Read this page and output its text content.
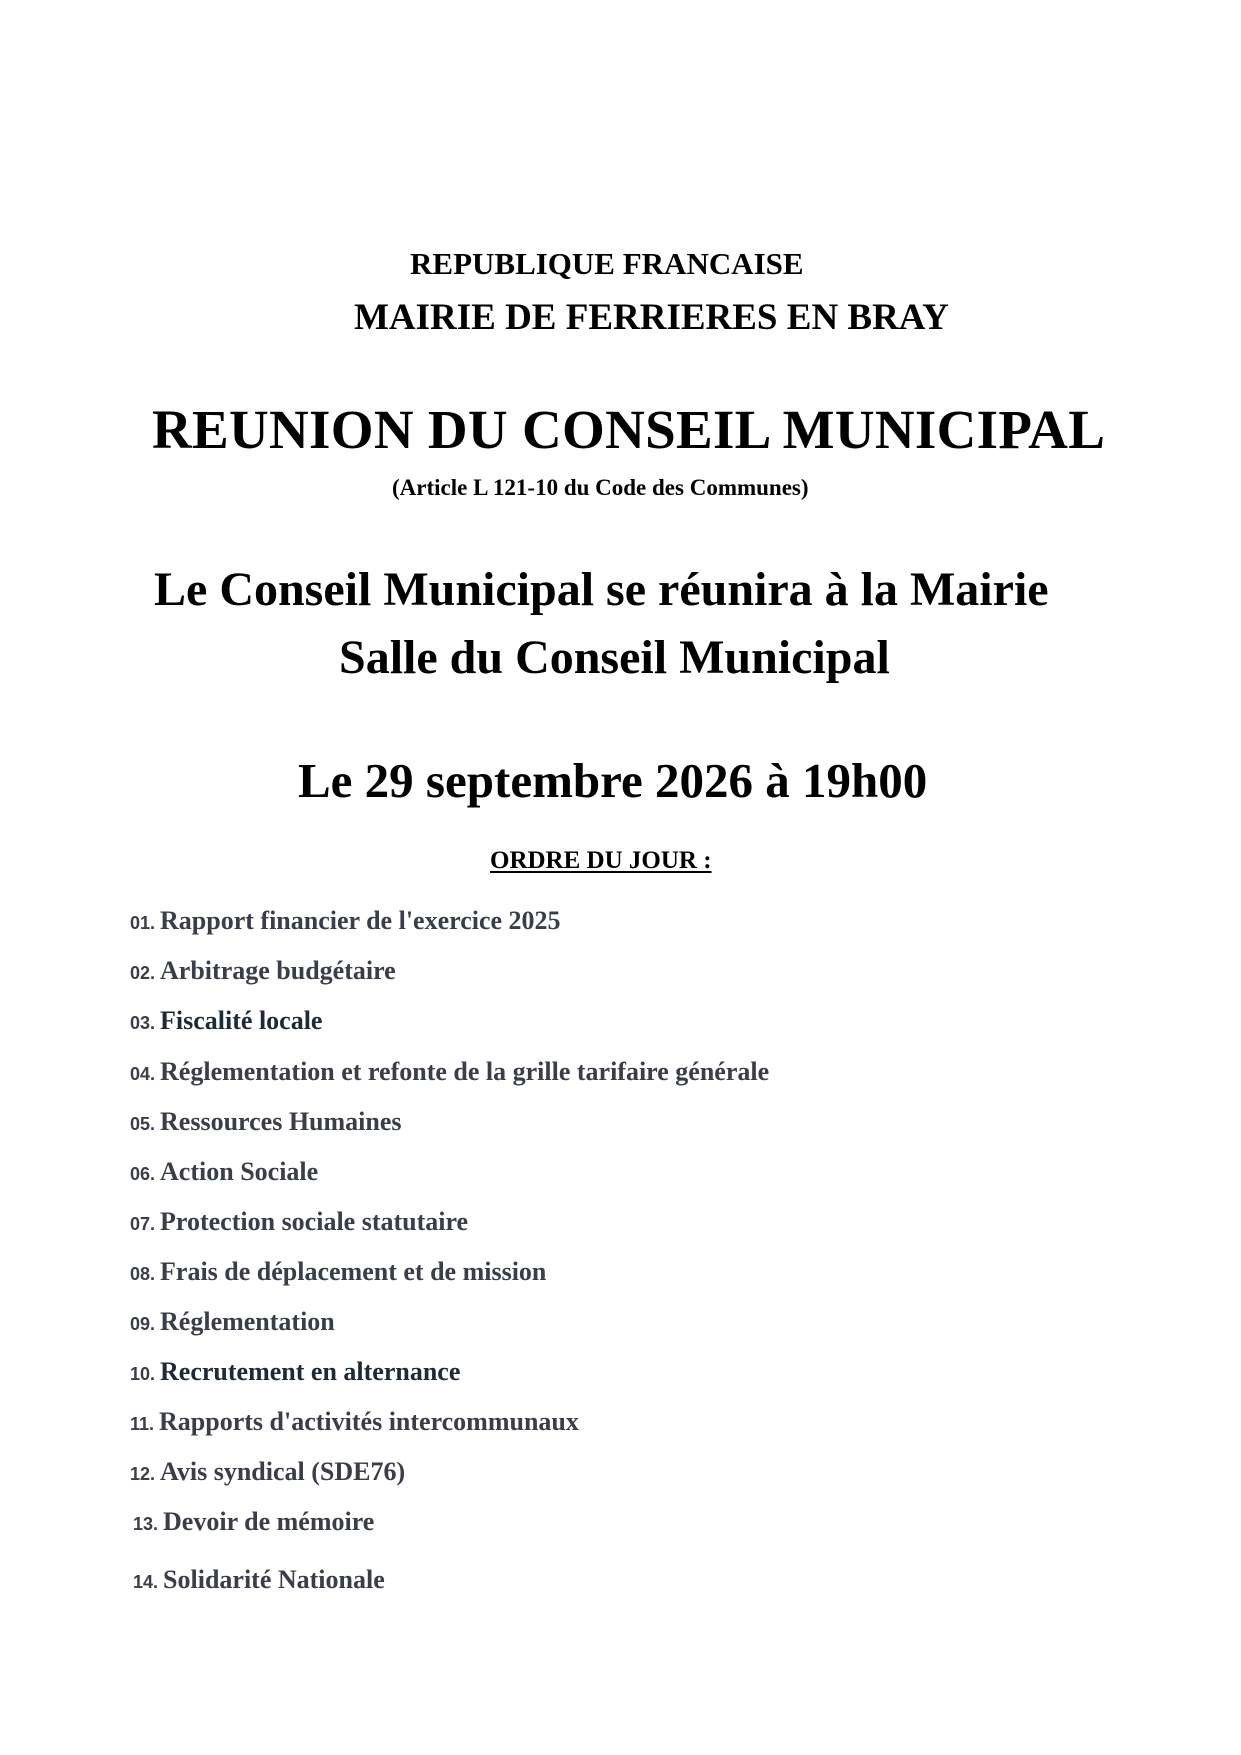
REPUBLIQUE FRANCAISE
MAIRIE DE FERRIERES EN BRAY
REUNION DU CONSEIL MUNICIPAL
(Article L 121-10 du Code des Communes)
Le Conseil Municipal se réunira à la Mairie
Salle du Conseil Municipal
Le 29 septembre 2026 à 19h00
ORDRE DU JOUR :
01. Rapport financier de l'exercice 2025
02. Arbitrage budgétaire
03. Fiscalité locale
04. Réglementation et refonte de la grille tarifaire générale
05. Ressources Humaines
06. Action Sociale
07. Protection sociale statutaire
08. Frais de déplacement et de mission
09. Réglementation
10. Recrutement en alternance
11. Rapports d'activités intercommunaux
12. Avis syndical (SDE76)
13. Devoir de mémoire
14. Solidarité Nationale
